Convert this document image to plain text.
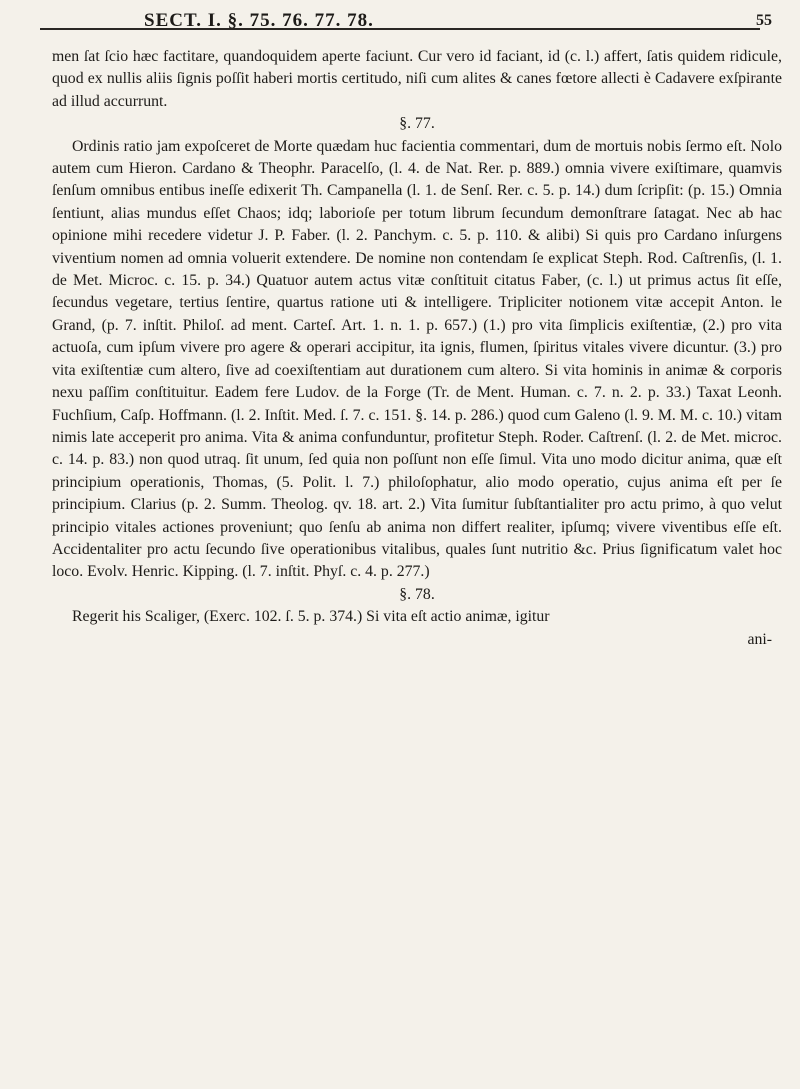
SECT. I. §. 75. 76. 77. 78.	55

men ſat ſcio hæc factitare, quandoquidem aperte faciunt. Cur vero id faciant, id (c. l.) affert, ſatis quidem ridicule, quod ex nullis aliis ſignis poſſit haberi mortis certitudo, niſi cum alites & canes fœtore allecti è Cadavere exſpirante ad illud accurrunt.

§. 77.

Ordinis ratio jam expoſceret de Morte quædam huc facientia commentari, dum de mortuis nobis ſermo eſt. Nolo autem cum Hieron. Cardano & Theophr. Paracelſo, (l. 4. de Nat. Rer. p. 889.) omnia vivere exiſtimare, quamvis ſenſum omnibus entibus ineſſe edixerit Th. Campanella (l. 1. de Senſ. Rer. c. 5. p. 14.) dum ſcripſit: (p. 15.) Omnia ſentiunt, alias mundus eſſet Chaos; idq; laborioſe per totum librum ſecundum demonſtrare ſatagat. Nec ab hac opinione mihi recedere videtur J. P. Faber. (l. 2. Panchym. c. 5. p. 110. & alibi) Si quis pro Cardano inſurgens viventium nomen ad omnia voluerit extendere. De nomine non contendam ſe explicat Steph. Rod. Caſtrenſis, (l. 1. de Met. Microc. c. 15. p. 34.) Quatuor autem actus vitæ conſtituit citatus Faber, (c. l.) ut primus actus ſit eſſe, ſecundus vegetare, tertius ſentire, quartus ratione uti & intelligere. Tripliciter notionem vitæ accepit Anton. le Grand, (p. 7. inſtit. Philoſ. ad ment. Carteſ. Art. 1. n. 1. p. 657.) (1.) pro vita ſimplicis exiſtentiæ, (2.) pro vita actuoſa, cum ipſum vivere pro agere & operari accipitur, ita ignis, flumen, ſpiritus vitales vivere dicuntur. (3.) pro vita exiſtentiæ cum altero, ſive ad coexiſtentiam aut durationem cum altero. Si vita hominis in animæ & corporis nexu paſſim conſtituitur. Eadem fere Ludov. de la Forge (Tr. de Ment. Human. c. 7. n. 2. p. 33.) Taxat Leonh. Fuchſium, Caſp. Hoffmann. (l. 2. Inſtit. Med. ſ. 7. c. 151. §. 14. p. 286.) quod cum Galeno (l. 9. M. M. c. 10.) vitam nimis late acceperit pro anima. Vita & anima confunduntur, profitetur Steph. Roder. Caſtrenſ. (l. 2. de Met. microc. c. 14. p. 83.) non quod utraq. ſit unum, ſed quia non poſſunt non eſſe ſimul. Vita uno modo dicitur anima, quæ eſt principium operationis, Thomas, (5. Polit. l. 7.) philoſophatur, alio modo operatio, cujus anima eſt per ſe principium. Clarius (p. 2. Summ. Theolog. qv. 18. art. 2.) Vita ſumitur ſubſtantialiter pro actu primo, à quo velut principio vitales actiones proveniunt; quo ſenſu ab anima non differt realiter, ipſumq; vivere viventibus eſſe eſt. Accidentaliter pro actu ſecundo ſive operationibus vitalibus, quales ſunt nutritio &c. Prius ſignificatum valet hoc loco. Evolv. Henric. Kipping. (l. 7. inſtit. Phyſ. c. 4. p. 277.)

§. 78.

Regerit his Scaliger, (Exerc. 102. ſ. 5. p. 374.) Si vita eſt actio animæ, igitur

ani-
